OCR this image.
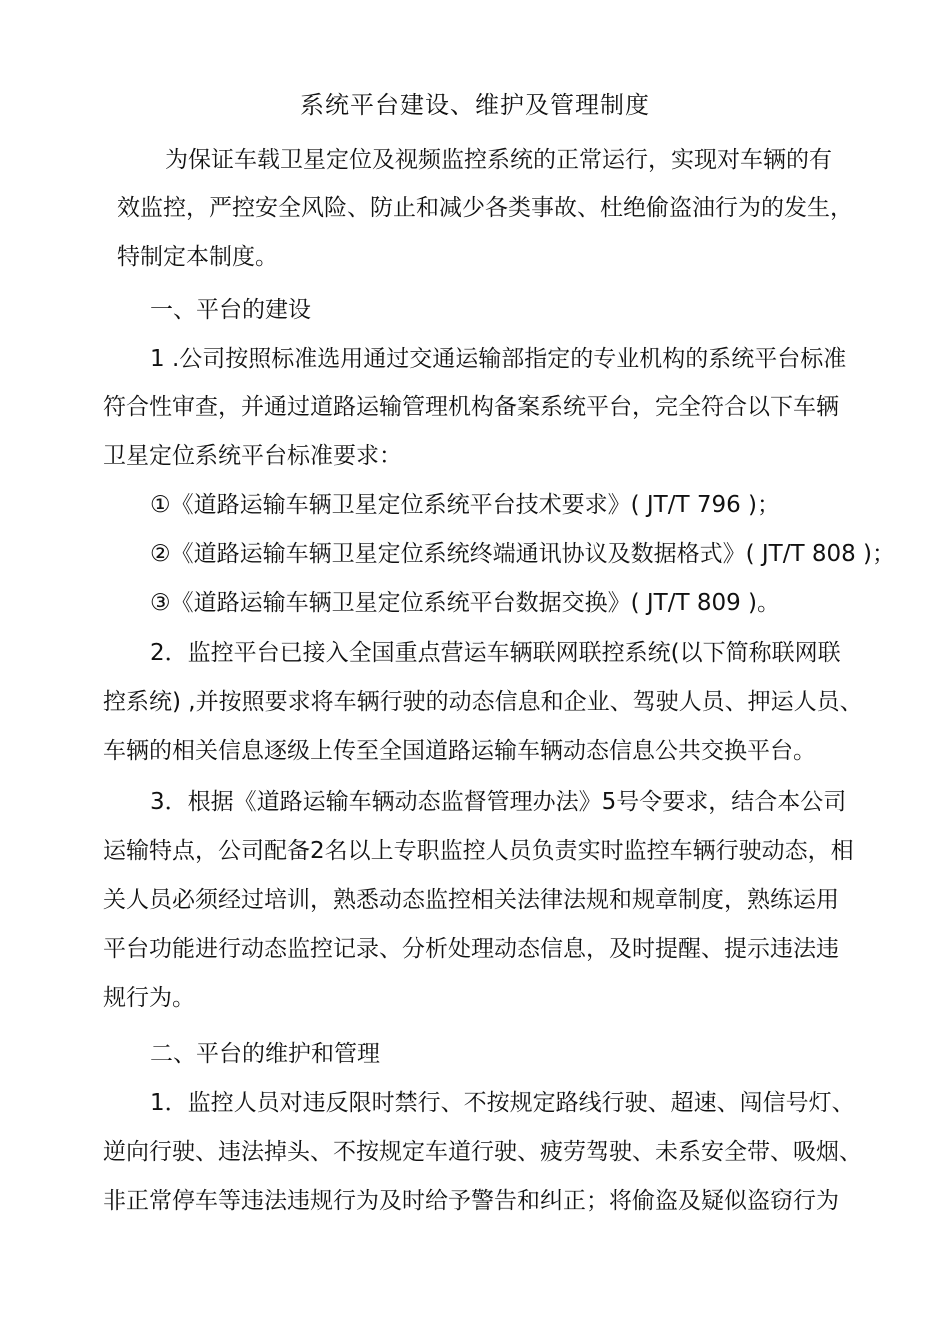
系统平台建设、维护及管理制度
为保证车载卫星定位及视频监控系统的正常运行，实现对车辆的有
效监控，严控安全风险、防止和减少各类事故、杜绝偷盗油行为的发生，
特制定本制度。
一、平台的建设
1 .公司按照标准选用通过交通运输部指定的专业机构的系统平台标准
符合性审查，并通过道路运输管理机构备案系统平台，完全符合以下车辆
卫星定位系统平台标准要求：
①《道路运输车辆卫星定位系统平台技术要求》( JT/T 796 )；
②《道路运输车辆卫星定位系统终端通讯协议及数据格式》( JT/T 808 )；
③《道路运输车辆卫星定位系统平台数据交换》( JT/T 809 )。
2．监控平台已接入全国重点营运车辆联网联控系统(以下简称联网联
控系统) ,并按照要求将车辆行驶的动态信息和企业、驾驶人员、押运人员、
车辆的相关信息逐级上传至全国道路运输车辆动态信息公共交换平台。
3．根据《道路运输车辆动态监督管理办法》5号令要求，结合本公司
运输特点，公司配备2名以上专职监控人员负责实时监控车辆行驶动态，相
关人员必须经过培训，熟悉动态监控相关法律法规和规章制度，熟练运用
平台功能进行动态监控记录、分析处理动态信息，及时提醒、提示违法违
规行为。
二、平台的维护和管理
1．监控人员对违反限时禁行、不按规定路线行驶、超速、闯信号灯、
逆向行驶、违法掉头、不按规定车道行驶、疲劳驾驶、未系安全带、吸烟、
非正常停车等违法违规行为及时给予警告和纠正；将偷盗及疑似盗窃行为
